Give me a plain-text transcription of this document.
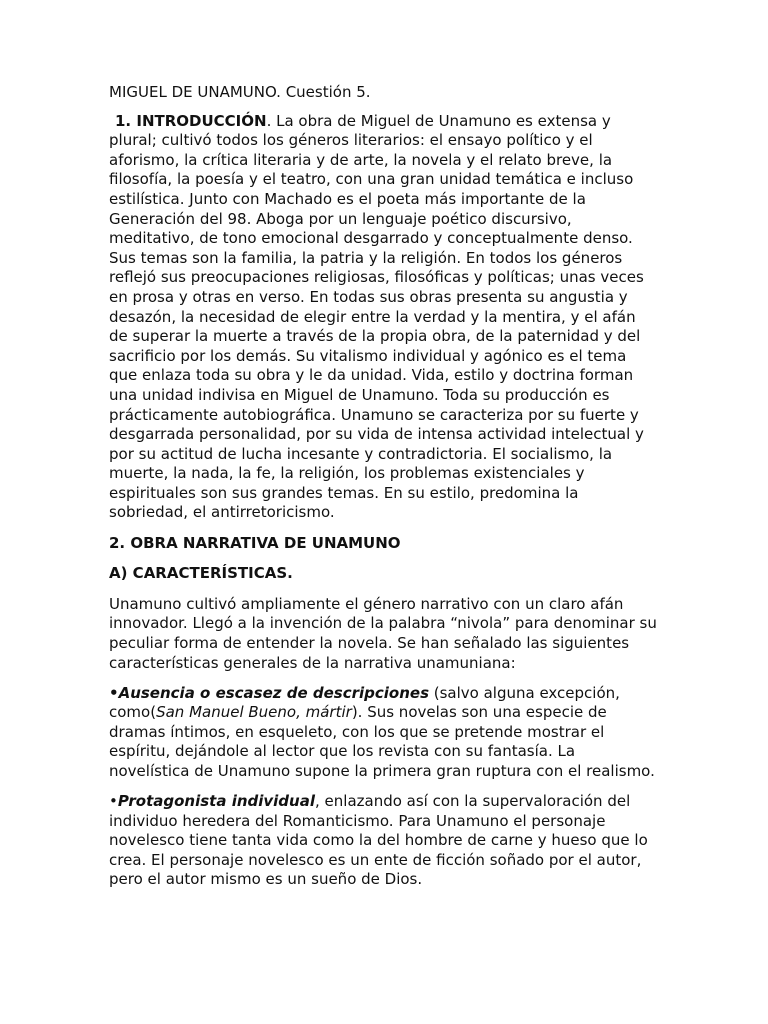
MIGUEL DE UNAMUNO. Cuestión 5.

1. INTRODUCCIÓN. La obra de Miguel de Unamuno es extensa y plural; cultivó todos los géneros literarios: el ensayo político y el aforismo, la crítica literaria y de arte, la novela y el relato breve, la filosofía, la poesía y el teatro, con una gran unidad temática e incluso estilística. Junto con Machado es el poeta más importante de la Generación del 98. Aboga por un lenguaje poético discursivo, meditativo, de tono emocional desgarrado y conceptualmente denso. Sus temas son la familia, la patria y la religión. En todos los géneros reflejó sus preocupaciones religiosas, filosóficas y políticas; unas veces en prosa y otras en verso. En todas sus obras presenta su angustia y desazón, la necesidad de elegir entre la verdad y la mentira, y el afán de superar la muerte a través de la propia obra, de la paternidad y del sacrificio por los demás. Su vitalismo individual y agónico es el tema que enlaza toda su obra y le da unidad. Vida, estilo y doctrina forman una unidad indivisa en Miguel de Unamuno. Toda su producción es prácticamente autobiográfica. Unamuno se caracteriza por su fuerte y desgarrada personalidad, por su vida de intensa actividad intelectual y por su actitud de lucha incesante y contradictoria. El socialismo, la muerte, la nada, la fe, la religión, los problemas existenciales y espirituales son sus grandes temas. En su estilo, predomina la sobriedad, el antirretoricismo.

2. OBRA NARRATIVA DE UNAMUNO

A) CARACTERÍSTICAS.

Unamuno cultivó ampliamente el género narrativo con un claro afán innovador. Llegó a la invención de la palabra “nivola” para denominar su peculiar forma de entender la novela. Se han señalado las siguientes características generales de la narrativa unamuniana:

•Ausencia o escasez de descripciones (salvo alguna excepción, como(San Manuel Bueno, mártir). Sus novelas son una especie de dramas íntimos, en esqueleto, con los que se pretende mostrar el espíritu, dejándole al lector que los revista con su fantasía. La novelística de Unamuno supone la primera gran ruptura con el realismo.

•Protagonista individual, enlazando así con la supervaloración del individuo heredera del Romanticismo. Para Unamuno el personaje novelesco tiene tanta vida como la del hombre de carne y hueso que lo crea. El personaje novelesco es un ente de ficción soñado por el autor, pero el autor mismo es un sueño de Dios.
